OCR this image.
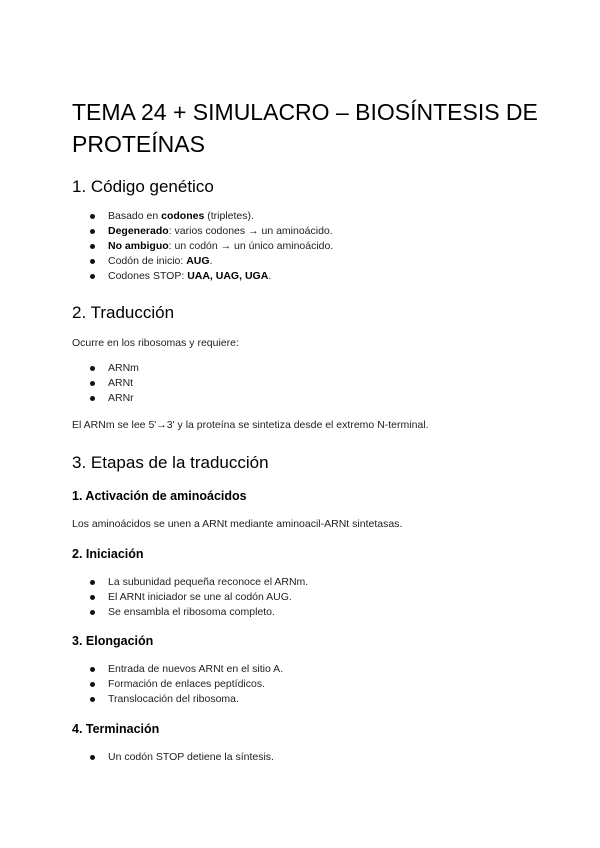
TEMA 24 + SIMULACRO – BIOSÍNTESIS DE PROTEÍNAS
1. Código genético
Basado en codones (tripletes).
Degenerado: varios codones → un aminoácido.
No ambiguo: un codón → un único aminoácido.
Codón de inicio: AUG.
Codones STOP: UAA, UAG, UGA.
2. Traducción

Ocurre en los ribosomas y requiere:

ARNm
ARNt
ARNr

El ARNm se lee 5'→3' y la proteína se sintetiza desde el extremo N-terminal.

3. Etapas de la traducción
1. Activación de aminoácidos

Los aminoácidos se unen a ARNt mediante aminoacil-ARNt sintetasas.

2. Iniciación
La subunidad pequeña reconoce el ARNm.
El ARNt iniciador se une al codón AUG.
Se ensambla el ribosoma completo.
3. Elongación
Entrada de nuevos ARNt en el sitio A.
Formación de enlaces peptídicos.
Translocación del ribosoma.
4. Terminación
Un codón STOP detiene la síntesis.
